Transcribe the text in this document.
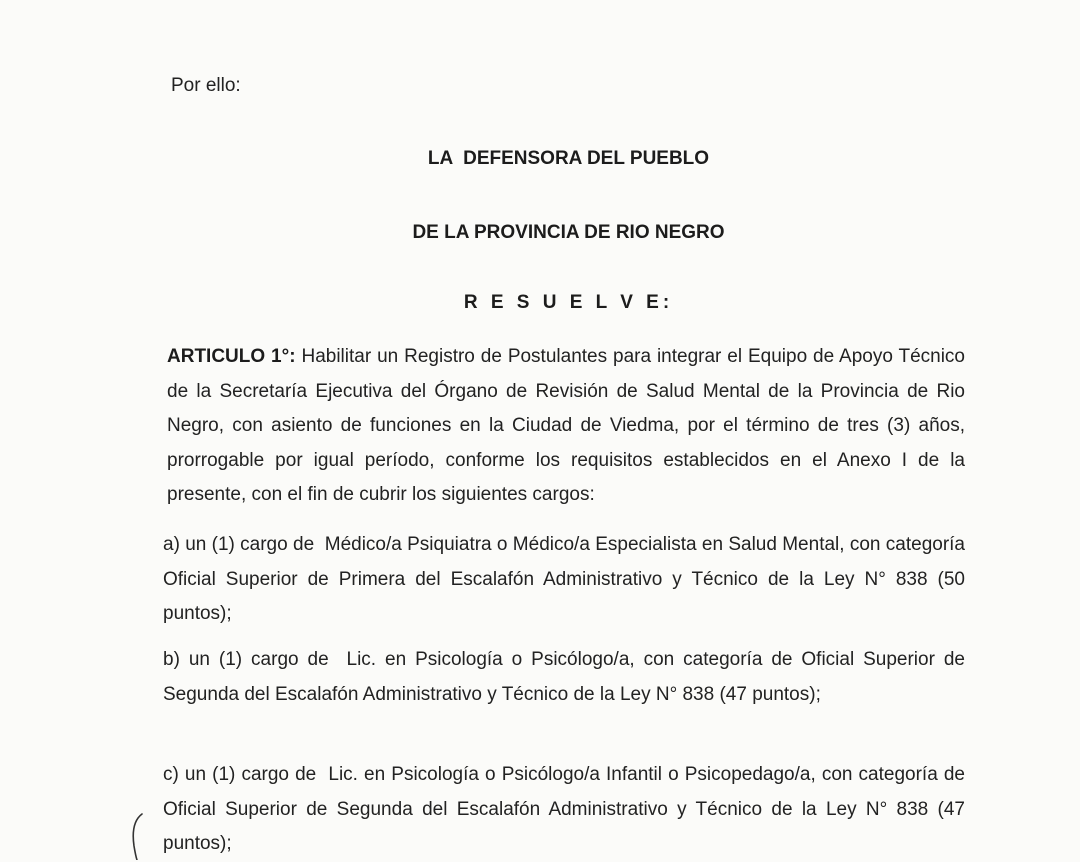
Por ello:

LA  DEFENSORA DEL PUEBLO

DE LA PROVINCIA DE RIO NEGRO

R E S U E L V E:

ARTICULO 1°: Habilitar un Registro de Postulantes para integrar el Equipo de Apoyo Técnico de la Secretaría Ejecutiva del Órgano de Revisión de Salud Mental de la Provincia de Rio Negro, con asiento de funciones en la Ciudad de Viedma, por el término de tres (3) años, prorrogable por igual período, conforme los requisitos establecidos en el Anexo I de la presente, con el fin de cubrir los siguientes cargos:

a) un (1) cargo de  Médico/a Psiquiatra o Médico/a Especialista en Salud Mental, con categoría Oficial Superior de Primera del Escalafón Administrativo y Técnico de la Ley N° 838 (50 puntos);

b) un (1) cargo de  Lic. en Psicología o Psicólogo/a, con categoría de Oficial Superior de Segunda del Escalafón Administrativo y Técnico de la Ley N° 838 (47 puntos);

c) un (1) cargo de  Lic. en Psicología o Psicólogo/a Infantil o Psicopedago/a, con categoría de Oficial Superior de Segunda del Escalafón Administrativo y Técnico de la Ley N° 838 (47 puntos);
